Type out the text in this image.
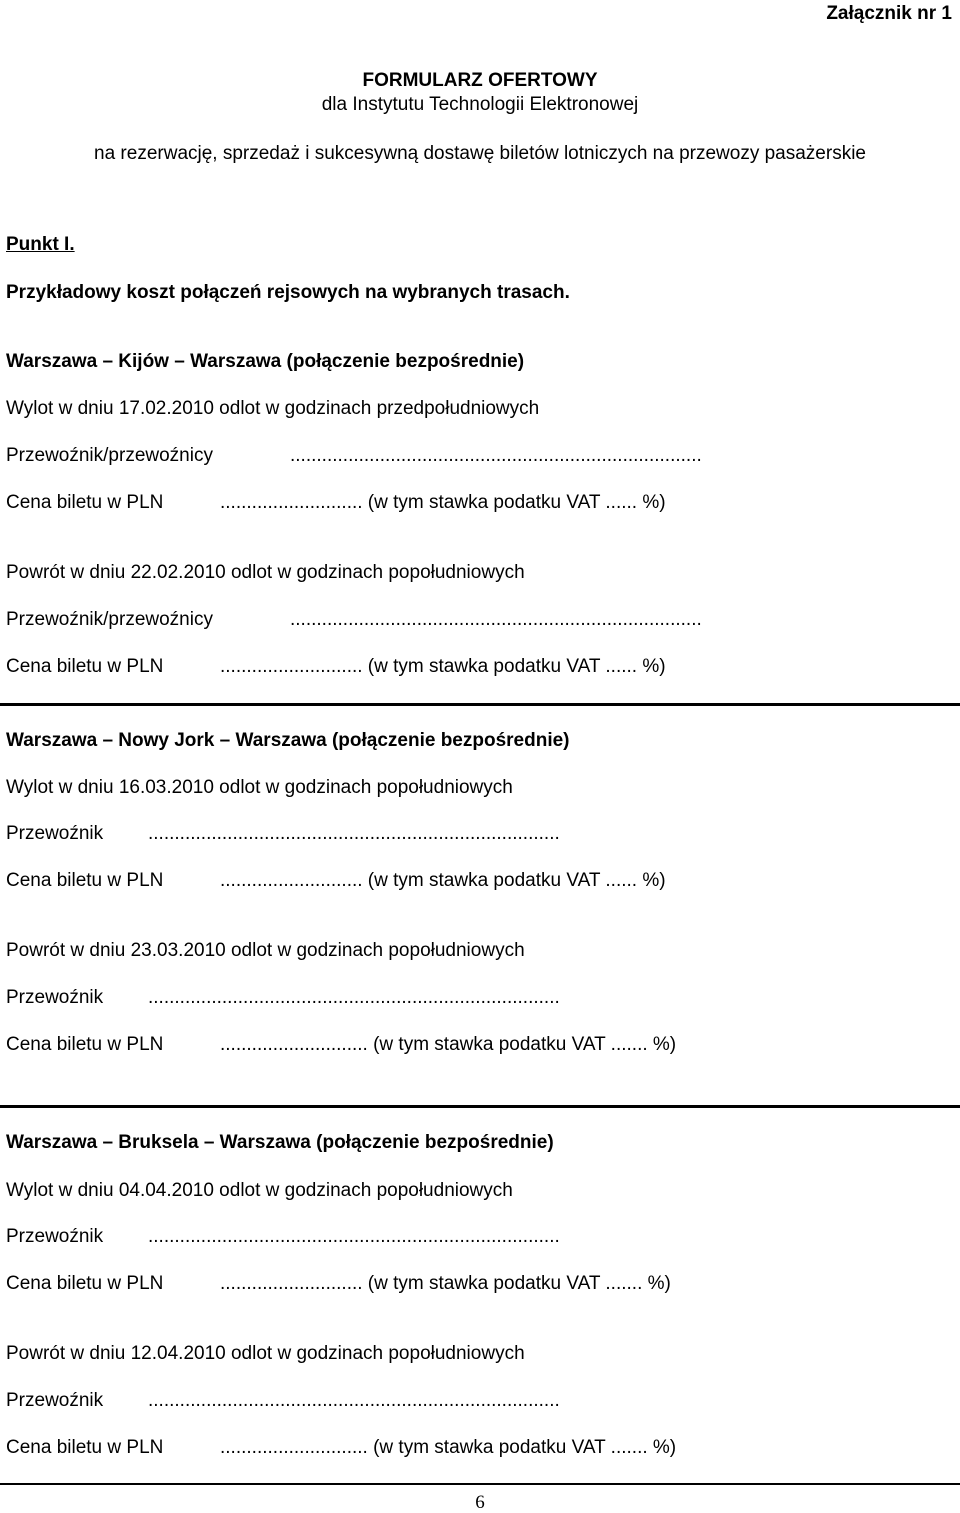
Załącznik nr 1
FORMULARZ OFERTOWY
dla Instytutu Technologii Elektronowej
na rezerwację, sprzedaż i sukcesywną dostawę biletów lotniczych na przewozy pasażerskie
Punkt I.
Przykładowy koszt połączeń rejsowych na wybranych trasach.
Warszawa – Kijów – Warszawa (połączenie bezpośrednie)
Wylot w dniu 17.02.2010 odlot w godzinach przedpołudniowych
Przewoźnik/przewoźnicy	..............................................................................
Cena biletu w PLN	........................... (w tym stawka podatku VAT ...... %)
Powrót w dniu 22.02.2010 odlot w godzinach popołudniowych
Przewoźnik/przewoźnicy	..............................................................................
Cena biletu w PLN	........................... (w tym stawka podatku VAT ...... %)
Warszawa – Nowy Jork – Warszawa (połączenie bezpośrednie)
Wylot w dniu 16.03.2010 odlot w godzinach popołudniowych
Przewoźnik ..............................................................................
Cena biletu w PLN	........................... (w tym stawka podatku VAT ...... %)
Powrót w dniu 23.03.2010 odlot w godzinach popołudniowych
Przewoźnik ..............................................................................
Cena biletu w PLN	............................ (w tym stawka podatku VAT ....... %)
Warszawa – Bruksela – Warszawa (połączenie bezpośrednie)
Wylot w dniu 04.04.2010 odlot w godzinach popołudniowych
Przewoźnik ..............................................................................
Cena biletu w PLN	........................... (w tym stawka podatku VAT ....... %)
Powrót w dniu 12.04.2010 odlot w godzinach popołudniowych
Przewoźnik ..............................................................................
Cena biletu w PLN	............................ (w tym stawka podatku VAT ....... %)
6
